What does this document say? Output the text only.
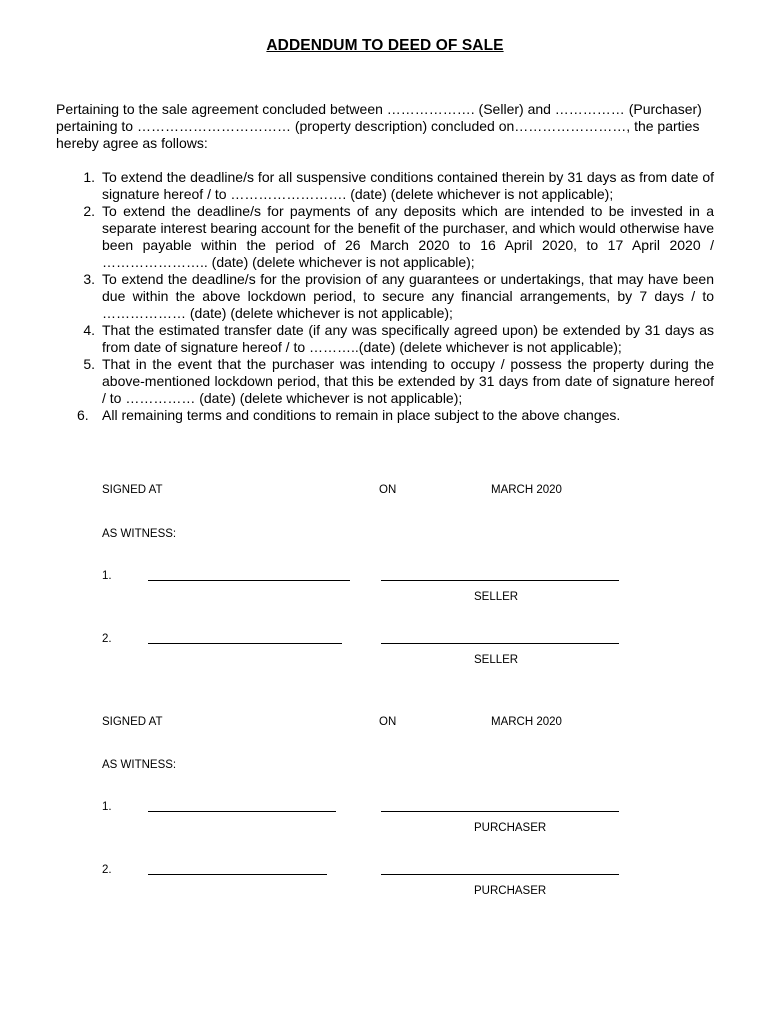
ADDENDUM TO DEED OF SALE
Pertaining to the sale agreement concluded between ………………. (Seller) and …………… (Purchaser) pertaining to …………………………… (property description) concluded on……………………, the parties hereby agree as follows:
1. To extend the deadline/s for all suspensive conditions contained therein by 31 days as from date of signature hereof / to ……………………. (date) (delete whichever is not applicable);
2. To extend the deadline/s for payments of any deposits which are intended to be invested in a separate interest bearing account for the benefit of the purchaser, and which would otherwise have been payable within the period of 26 March 2020 to 16 April 2020, to 17 April 2020 / ………………….. (date) (delete whichever is not applicable);
3. To extend the deadline/s for the provision of any guarantees or undertakings, that may have been due within the above lockdown period, to secure any financial arrangements, by 7 days / to ……………… (date) (delete whichever is not applicable);
4. That the estimated transfer date (if any was specifically agreed upon) be extended by 31 days as from date of signature hereof / to ………..(date) (delete whichever is not applicable);
5. That in the event that the purchaser was intending to occupy / possess the property during the above-mentioned lockdown period, that this be extended by 31 days from date of signature hereof / to …………… (date) (delete whichever is not applicable);
6. All remaining terms and conditions to remain in place subject to the above changes.
SIGNED AT	ON	MARCH 2020
AS WITNESS:
1.
SELLER
2.
SELLER
SIGNED AT	ON	MARCH 2020
AS WITNESS:
1.
PURCHASER
2.
PURCHASER
